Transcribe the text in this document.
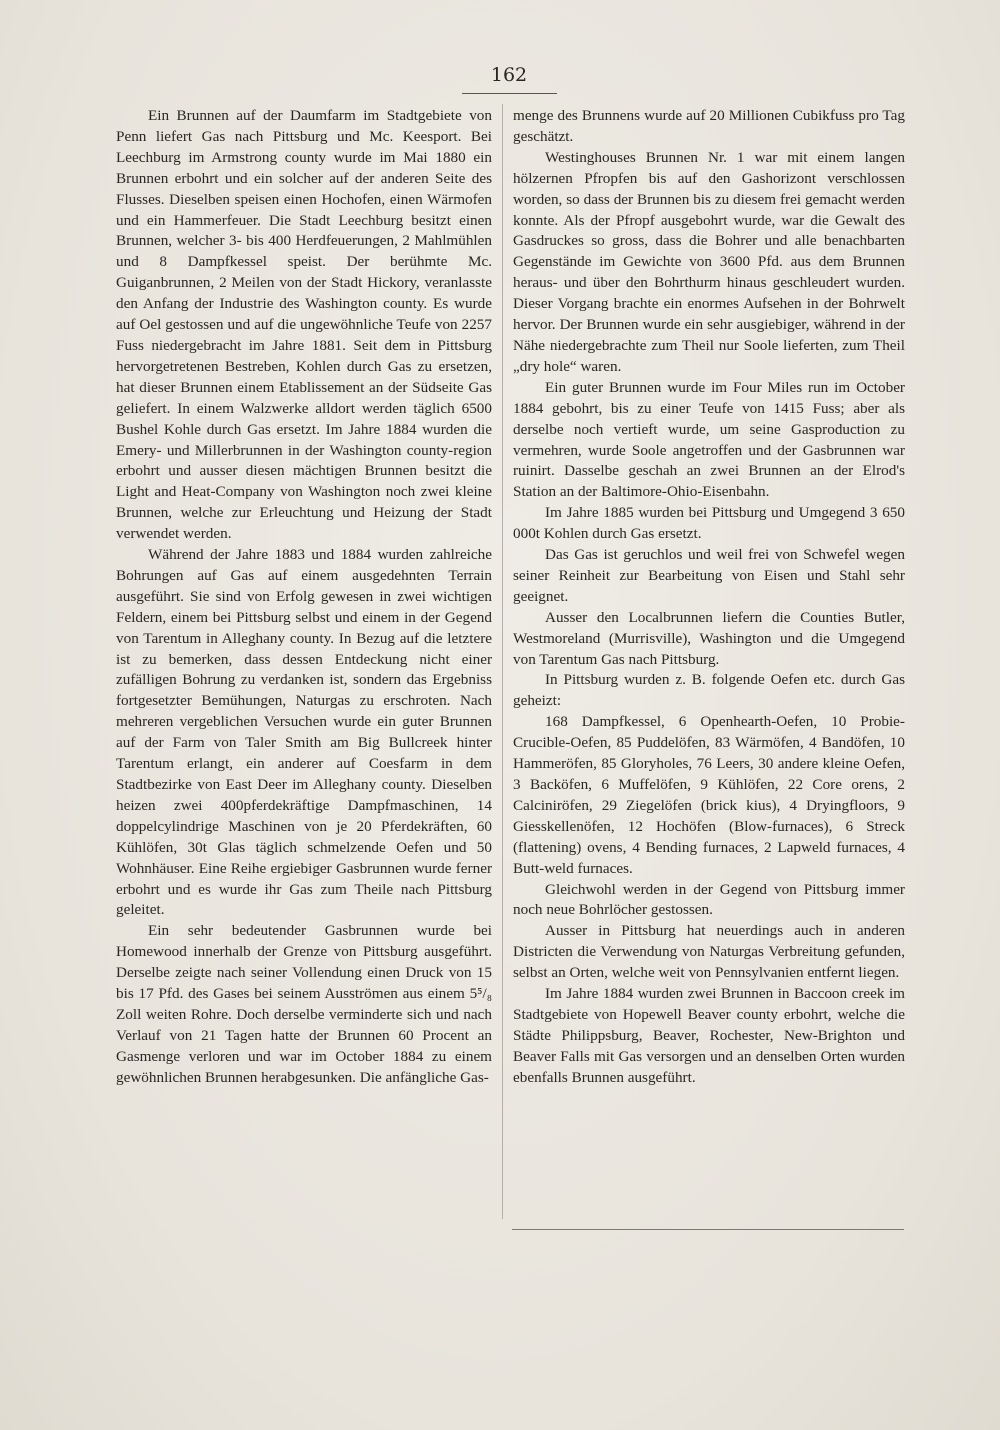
162

Ein Brunnen auf der Daumfarm im Stadtgebiete von Penn liefert Gas nach Pittsburg und Mc. Keesport. Bei Leechburg im Armstrong county wurde im Mai 1880 ein Brunnen erbohrt und ein solcher auf der anderen Seite des Flusses. Dieselben speisen einen Hochofen, einen Wärmofen und ein Hammerfeuer. Die Stadt Leechburg besitzt einen Brunnen, welcher 3- bis 400 Herdfeuerungen, 2 Mahlmühlen und 8 Dampfkessel speist. Der berühmte Mc. Guiganbrunnen, 2 Meilen von der Stadt Hickory, veranlasste den Anfang der Industrie des Washington county. Es wurde auf Oel gestossen und auf die ungewöhnliche Teufe von 2257 Fuss niedergebracht im Jahre 1881. Seit dem in Pittsburg hervorgetretenen Bestreben, Kohlen durch Gas zu ersetzen, hat dieser Brunnen einem Etablissement an der Südseite Gas geliefert. In einem Walzwerke alldort werden täglich 6500 Bushel Kohle durch Gas ersetzt. Im Jahre 1884 wurden die Emery- und Millerbrunnen in der Washington county-region erbohrt und ausser diesen mächtigen Brunnen besitzt die Light and Heat-Company von Washington noch zwei kleine Brunnen, welche zur Erleuchtung und Heizung der Stadt verwendet werden.

Während der Jahre 1883 und 1884 wurden zahlreiche Bohrungen auf Gas auf einem ausgedehnten Terrain ausgeführt. Sie sind von Erfolg gewesen in zwei wichtigen Feldern, einem bei Pittsburg selbst und einem in der Gegend von Tarentum in Alleghany county. In Bezug auf die letztere ist zu bemerken, dass dessen Entdeckung nicht einer zufälligen Bohrung zu verdanken ist, sondern das Ergebniss fortgesetzter Bemühungen, Naturgas zu erschroten. Nach mehreren vergeblichen Versuchen wurde ein guter Brunnen auf der Farm von Taler Smith am Big Bullcreek hinter Tarentum erlangt, ein anderer auf Coesfarm in dem Stadtbezirke von East Deer im Alleghany county. Dieselben heizen zwei 400pferdekräftige Dampfmaschinen, 14 doppelcylindrige Maschinen von je 20 Pferdekräften, 60 Kühlöfen, 30t Glas täglich schmelzende Oefen und 50 Wohnhäuser. Eine Reihe ergiebiger Gasbrunnen wurde ferner erbohrt und es wurde ihr Gas zum Theile nach Pittsburg geleitet.

Ein sehr bedeutender Gasbrunnen wurde bei Homewood innerhalb der Grenze von Pittsburg ausgeführt. Derselbe zeigte nach seiner Vollendung einen Druck von 15 bis 17 Pfd. des Gases bei seinem Ausströmen aus einem 5⁵/₈ Zoll weiten Rohre. Doch derselbe verminderte sich und nach Verlauf von 21 Tagen hatte der Brunnen 60 Procent an Gasmenge verloren und war im October 1884 zu einem gewöhnlichen Brunnen herabgesunken. Die anfängliche Gas-

menge des Brunnens wurde auf 20 Millionen Cubikfuss pro Tag geschätzt.

Westinghouses Brunnen Nr. 1 war mit einem langen hölzernen Pfropfen bis auf den Gashorizont verschlossen worden, so dass der Brunnen bis zu diesem frei gemacht werden konnte. Als der Pfropf ausgebohrt wurde, war die Gewalt des Gasdruckes so gross, dass die Bohrer und alle benachbarten Gegenstände im Gewichte von 3600 Pfd. aus dem Brunnen heraus- und über den Bohrthurm hinaus geschleudert wurden. Dieser Vorgang brachte ein enormes Aufsehen in der Bohrwelt hervor. Der Brunnen wurde ein sehr ausgiebiger, während in der Nähe niedergebrachte zum Theil nur Soole lieferten, zum Theil „dry hole“ waren.

Ein guter Brunnen wurde im Four Miles run im October 1884 gebohrt, bis zu einer Teufe von 1415 Fuss; aber als derselbe noch vertieft wurde, um seine Gasproduction zu vermehren, wurde Soole angetroffen und der Gasbrunnen war ruinirt. Dasselbe geschah an zwei Brunnen an der Elrod's Station an der Baltimore-Ohio-Eisenbahn.

Im Jahre 1885 wurden bei Pittsburg und Umgegend 3 650 000t Kohlen durch Gas ersetzt.

Das Gas ist geruchlos und weil frei von Schwefel wegen seiner Reinheit zur Bearbeitung von Eisen und Stahl sehr geeignet.

Ausser den Localbrunnen liefern die Counties Butler, Westmoreland (Murrisville), Washington und die Umgegend von Tarentum Gas nach Pittsburg.

In Pittsburg wurden z. B. folgende Oefen etc. durch Gas geheizt:

168 Dampfkessel, 6 Openhearth-Oefen, 10 Probie-Crucible-Oefen, 85 Puddelöfen, 83 Wärmöfen, 4 Bandöfen, 10 Hammeröfen, 85 Gloryholes, 76 Leers, 30 andere kleine Oefen, 3 Backöfen, 6 Muffelöfen, 9 Kühlöfen, 22 Core orens, 2 Calciniröfen, 29 Ziegelöfen (brick kius), 4 Dryingfloors, 9 Giesskellenöfen, 12 Hochöfen (Blow-furnaces), 6 Streck (flattening) ovens, 4 Bending furnaces, 2 Lapweld furnaces, 4 Butt-weld furnaces.

Gleichwohl werden in der Gegend von Pittsburg immer noch neue Bohrlöcher gestossen.

Ausser in Pittsburg hat neuerdings auch in anderen Districten die Verwendung von Naturgas Verbreitung gefunden, selbst an Orten, welche weit von Pennsylvanien entfernt liegen.

Im Jahre 1884 wurden zwei Brunnen in Baccoon creek im Stadtgebiete von Hopewell Beaver county erbohrt, welche die Städte Philippsburg, Beaver, Rochester, New-Brighton und Beaver Falls mit Gas versorgen und an denselben Orten wurden ebenfalls Brunnen ausgeführt.
